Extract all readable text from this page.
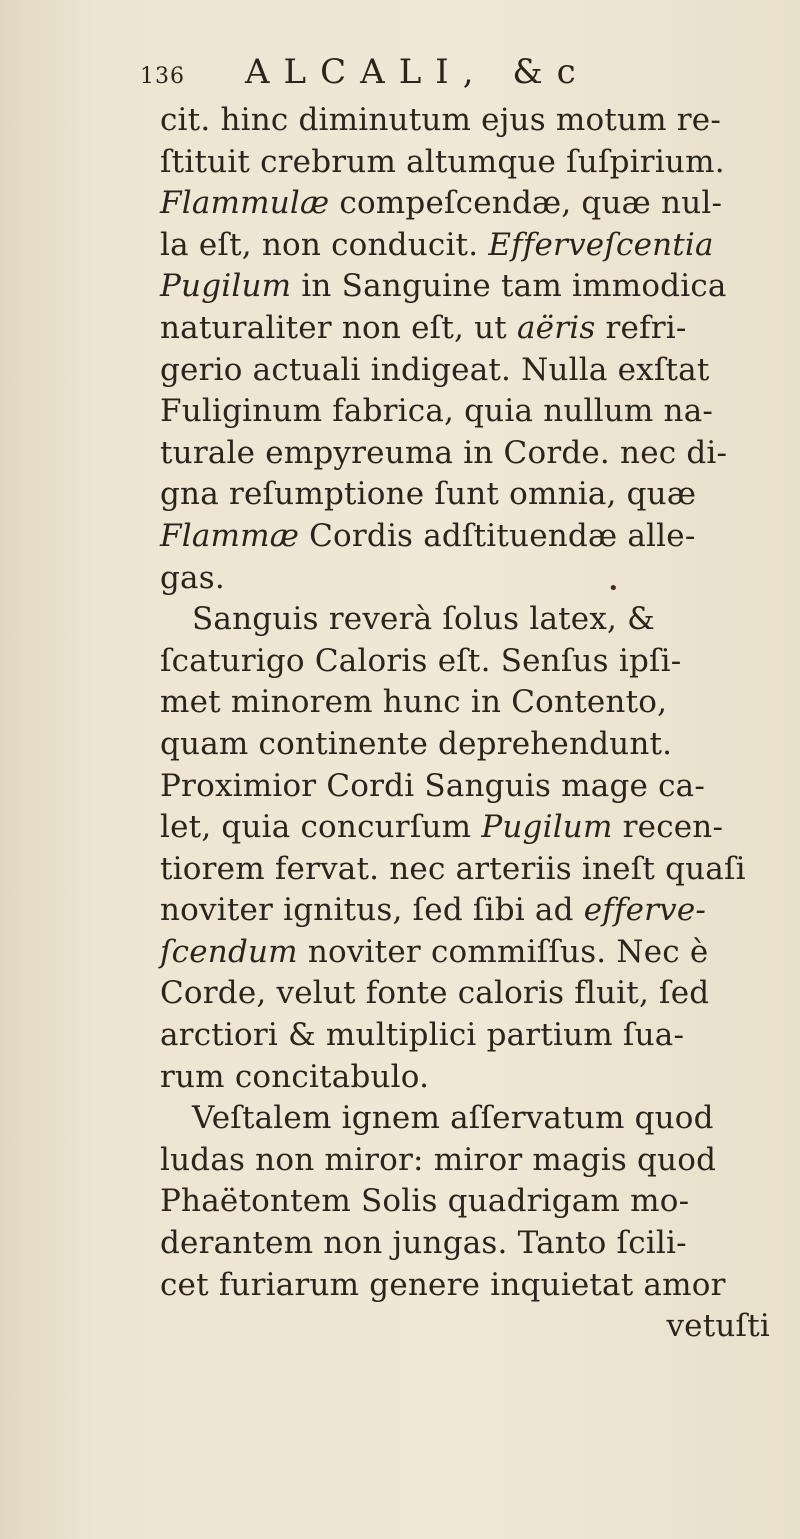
136 ALCALI, &c
cit. hinc diminutum ejus motum re-
ſtituit crebrum altumque ſuſpirium.
Flammulæ compeſcendæ, quæ nul-
la eſt, non conducit. Efferveſcentia
Pugilum in Sanguine tam immodica
naturaliter non eſt, ut aëris refri-
gerio actuali indigeat. Nulla exſtat
Fuliginum fabrica, quia nullum na-
turale empyreuma in Corde. nec di-
gna reſumptione ſunt omnia, quæ
Flammæ Cordis adſtituendæ alle-
gas.
Sanguis reverà ſolus latex, &
ſcaturigo Caloris eſt. Senſus ipſi-
met minorem hunc in Contento,
quam continente deprehendunt.
Proximior Cordi Sanguis mage ca-
let, quia concurſum Pugilum recen-
tiorem fervat. nec arteriis ineſt quaſi
noviter ignitus, ſed ſibi ad efferve-
ſcendum noviter commiſſus. Nec è
Corde, velut fonte caloris fluit, ſed
arctiori & multiplici partium ſua-
rum concitabulo.
Veſtalem ignem aſſervatum quod
ludas non miror: miror magis quod
Phaëtontem Solis quadrigam mo-
derantem non jungas. Tanto ſcili-
cet furiarum genere inquietat amor
vetuſti
•
